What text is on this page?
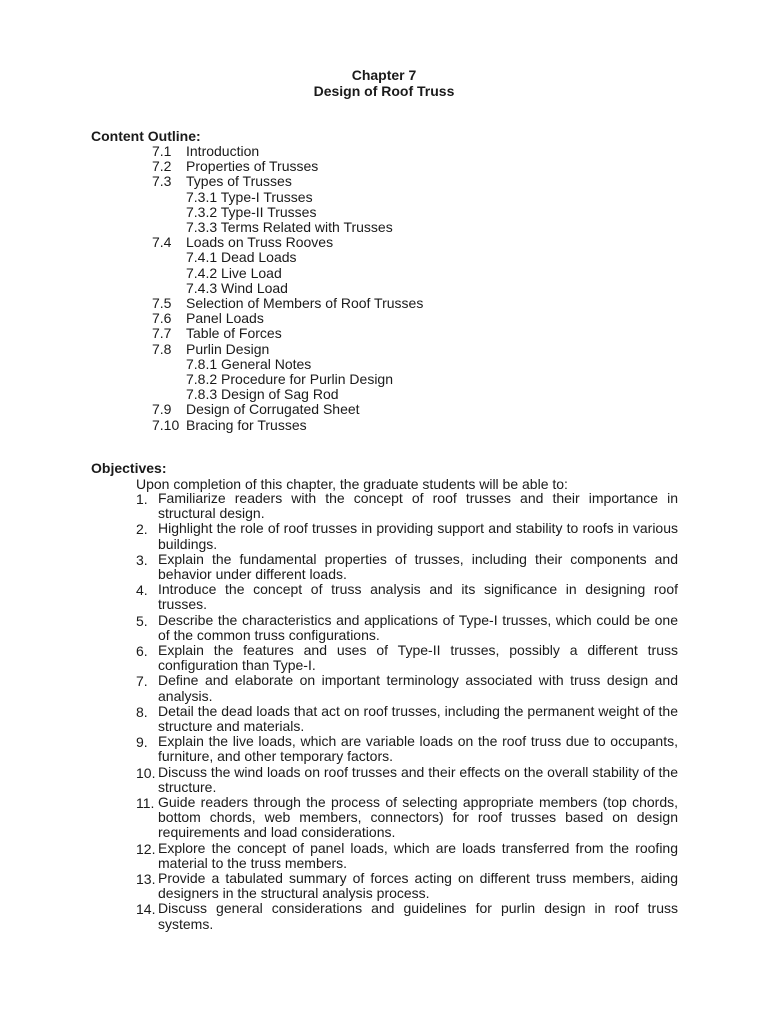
Chapter 7
Design of Roof Truss
Content Outline:
7.1 Introduction
7.2 Properties of Trusses
7.3 Types of Trusses
7.3.1 Type-I Trusses
7.3.2 Type-II Trusses
7.3.3 Terms Related with Trusses
7.4 Loads on Truss Rooves
7.4.1 Dead Loads
7.4.2 Live Load
7.4.3 Wind Load
7.5 Selection of Members of Roof Trusses
7.6 Panel Loads
7.7 Table of Forces
7.8 Purlin Design
7.8.1 General Notes
7.8.2 Procedure for Purlin Design
7.8.3 Design of Sag Rod
7.9 Design of Corrugated Sheet
7.10 Bracing for Trusses
Objectives:
Upon completion of this chapter, the graduate students will be able to:
1. Familiarize readers with the concept of roof trusses and their importance in structural design.
2. Highlight the role of roof trusses in providing support and stability to roofs in various buildings.
3. Explain the fundamental properties of trusses, including their components and behavior under different loads.
4. Introduce the concept of truss analysis and its significance in designing roof trusses.
5. Describe the characteristics and applications of Type-I trusses, which could be one of the common truss configurations.
6. Explain the features and uses of Type-II trusses, possibly a different truss configuration than Type-I.
7. Define and elaborate on important terminology associated with truss design and analysis.
8. Detail the dead loads that act on roof trusses, including the permanent weight of the structure and materials.
9. Explain the live loads, which are variable loads on the roof truss due to occupants, furniture, and other temporary factors.
10. Discuss the wind loads on roof trusses and their effects on the overall stability of the structure.
11. Guide readers through the process of selecting appropriate members (top chords, bottom chords, web members, connectors) for roof trusses based on design requirements and load considerations.
12. Explore the concept of panel loads, which are loads transferred from the roofing material to the truss members.
13. Provide a tabulated summary of forces acting on different truss members, aiding designers in the structural analysis process.
14. Discuss general considerations and guidelines for purlin design in roof truss systems.
